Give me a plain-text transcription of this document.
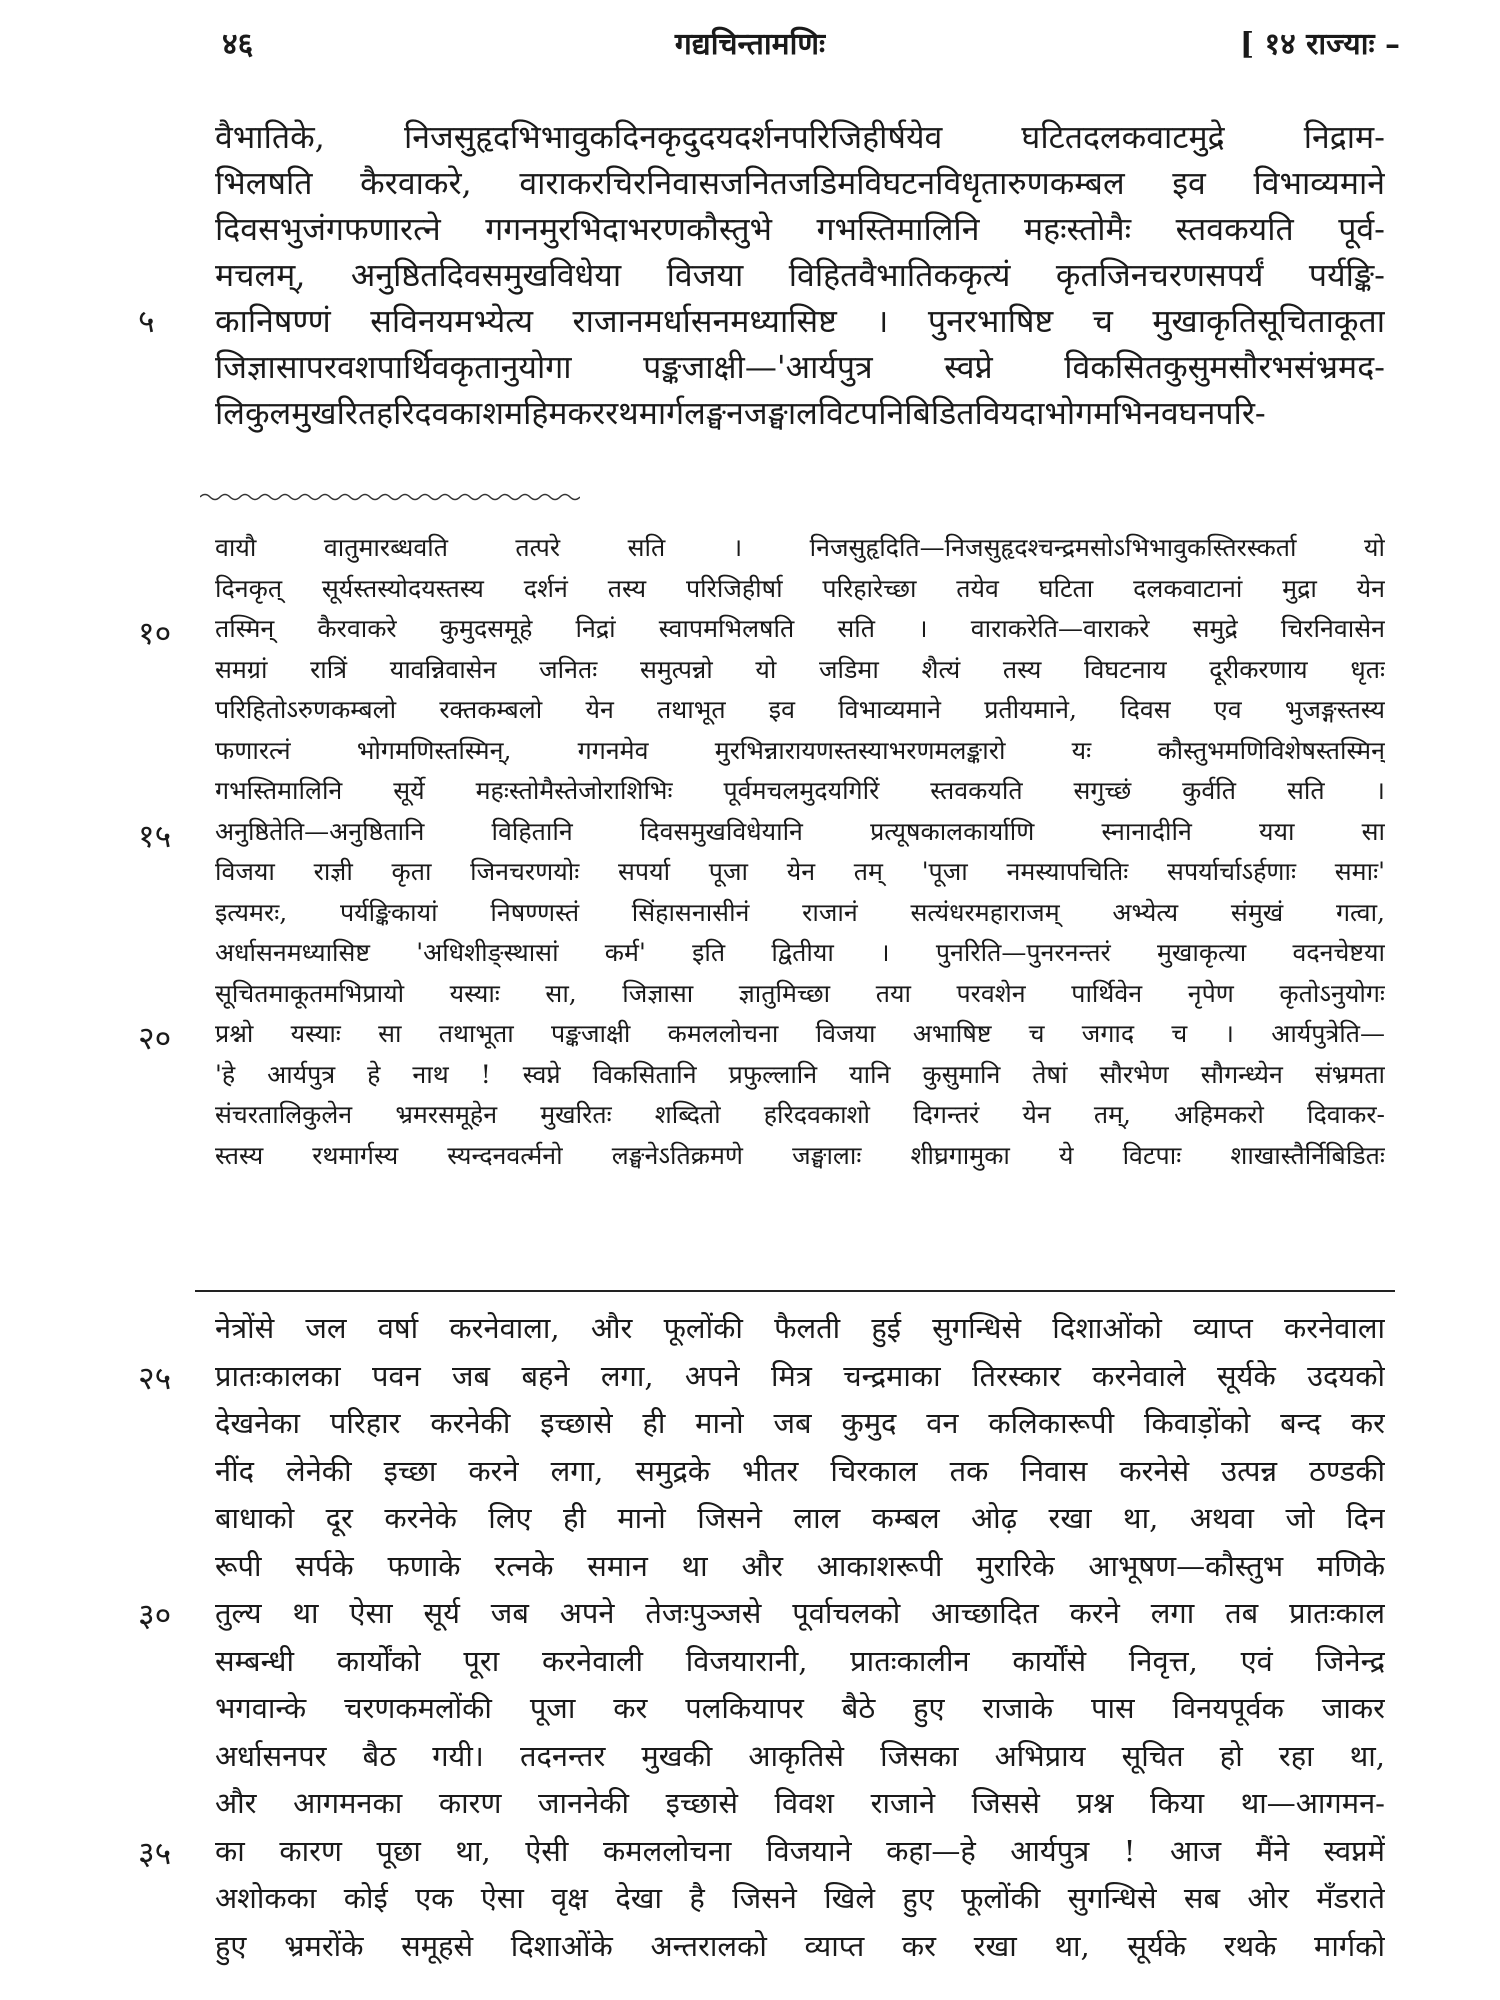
४६	गद्यचिन्तामणिः	[ १४ राज्याः –
वैभातिके, निजसुहृदभिभावुकदिनकृदुदयदर्शनपरिजिहीर्षयेव घटितदलकवाटमुद्रे निद्राम-
भिलषति कैरवाकरे, वाराकरचिरनिवासजनितजडिमविघटनविधृतारुणकम्बल इव विभाव्यमाने
दिवसभुजंगफणारत्ने गगनमुरभिदाभरणकौस्तुभे गभस्तिमालिनि महःस्तोमैः स्तवकयति पूर्व-
मचलम्, अनुष्ठितदिवसमुखविधेया विजया विहितवैभातिककृत्यं कृतजिनचरणसपर्यं पर्यङ्कि-
कानिषण्णं सविनयमभ्येत्य राजानमर्धासनमध्यासिष्ट । पुनरभाषिष्ट च मुखाकृतिसूचिताकूता
५
जिज्ञासापरवशपार्थिवकृतानुयोगा पङ्कजाक्षी—'आर्यपुत्र स्वप्ने विकसितकुसुमसौरभसंभ्रमद-
लिकुलमुखरितहरिदवकाशमहिमकररथमार्गलङ्घनजङ्घालविटपनिबिडितवियदाभोगमभिनवघनपरि-
वायौ वातुमारब्धवति तत्परे सति । निजसुहृदिति—निजसुहृदश्चन्द्रमसोऽभिभावुकस्तिरस्कर्ता यो
दिनकृत् सूर्यस्तस्योदयस्तस्य दर्शनं तस्य परिजिहीर्षा परिहारेच्छा तयेव घटिता दलकवाटानां मुद्रा येन
तस्मिन् कैरवाकरे कुमुदसमूहे निद्रां स्वापमभिलषति सति । वाराकरेति—वाराकरे समुद्रे चिरनिवासेन
१०
समग्रां रात्रिं यावन्निवासेन जनितः समुत्पन्नो यो जडिमा शैत्यं तस्य विघटनाय दूरीकरणाय धृतः
परिहितोऽरुणकम्बलो रक्तकम्बलो येन तथाभूत इव विभाव्यमाने प्रतीयमाने, दिवस एव भुजङ्गस्तस्य
फणारत्नं भोगमणिस्तस्मिन्, गगनमेव मुरभिन्नारायणस्तस्याभरणमलङ्कारो यः कौस्तुभमणिविशेषस्तस्मिन्
गभस्तिमालिनि सूर्ये महःस्तोमैस्तेजोराशिभिः पूर्वमचलमुदयगिरिं स्तवकयति सगुच्छं कुर्वति सति ।
अनुष्ठितेति—अनुष्ठितानि विहितानि दिवसमुखविधेयानि प्रत्यूषकालकार्याणि स्नानादीनि यया सा
१५
विजया राज्ञी कृता जिनचरणयोः सपर्या पूजा येन तम् 'पूजा नमस्यापचितिः सपर्यार्चाऽर्हणाः समाः'
इत्यमरः, पर्यङ्किकायां निषण्णस्तं सिंहासनासीनं राजानं सत्यंधरमहाराजम् अभ्येत्य संमुखं गत्वा,
अर्धासनमध्यासिष्ट 'अधिशीङ्स्थासां कर्म' इति द्वितीया । पुनरिति—पुनरनन्तरं मुखाकृत्या वदनचेष्टया
सूचितमाकूतमभिप्रायो यस्याः सा, जिज्ञासा ज्ञातुमिच्छा तया परवशेन पार्थिवेन नृपेण कृतोऽनुयोगः
प्रश्नो यस्याः सा तथाभूता पङ्कजाक्षी कमललोचना विजया अभाषिष्ट च जगाद च । आर्यपुत्रेति—
२०
'हे आर्यपुत्र हे नाथ ! स्वप्ने विकसितानि प्रफुल्लानि यानि कुसुमानि तेषां सौरभेण सौगन्ध्येन संभ्रमता
संचरतालिकुलेन भ्रमरसमूहेन मुखरितः शब्दितो हरिदवकाशो दिगन्तरं येन तम्, अहिमकरो दिवाकर-
स्तस्य रथमार्गस्य स्यन्दनवर्त्मनो लङ्घनेऽतिक्रमणे जङ्घालाः शीघ्रगामुका ये विटपाः शाखास्तैर्निबिडितः
नेत्रोंसे जल वर्षा करनेवाला, और फूलोंकी फैलती हुई सुगन्धिसे दिशाओंको व्याप्त करनेवाला
प्रातःकालका पवन जब बहने लगा, अपने मित्र चन्द्रमाका तिरस्कार करनेवाले सूर्यके उदयको
२५
देखनेका परिहार करनेकी इच्छासे ही मानो जब कुमुद वन कलिकारूपी किवाड़ोंको बन्द कर
नींद लेनेकी इच्छा करने लगा, समुद्रके भीतर चिरकाल तक निवास करनेसे उत्पन्न ठण्डकी
बाधाको दूर करनेके लिए ही मानो जिसने लाल कम्बल ओढ़ रखा था, अथवा जो दिन
रूपी सर्पके फणाके रत्नके समान था और आकाशरूपी मुरारिके आभूषण—कौस्तुभ मणिके
तुल्य था ऐसा सूर्य जब अपने तेजःपुञ्जसे पूर्वाचलको आच्छादित करने लगा तब प्रातःकाल
३०
सम्बन्धी कार्योंको पूरा करनेवाली विजयारानी, प्रातःकालीन कार्योंसे निवृत्त, एवं जिनेन्द्र
भगवान्के चरणकमलोंकी पूजा कर पलकियापर बैठे हुए राजाके पास विनयपूर्वक जाकर
अर्धासनपर बैठ गयी। तदनन्तर मुखकी आकृतिसे जिसका अभिप्राय सूचित हो रहा था,
और आगमनका कारण जाननेकी इच्छासे विवश राजाने जिससे प्रश्न किया था—आगमन-
का कारण पूछा था, ऐसी कमललोचना विजयाने कहा—हे आर्यपुत्र ! आज मैंने स्वप्नमें
३५
अशोकका कोई एक ऐसा वृक्ष देखा है जिसने खिले हुए फूलोंकी सुगन्धिसे सब ओर मँडराते
हुए भ्रमरोंके समूहसे दिशाओंके अन्तरालको व्याप्त कर रखा था, सूर्यके रथके मार्गको
